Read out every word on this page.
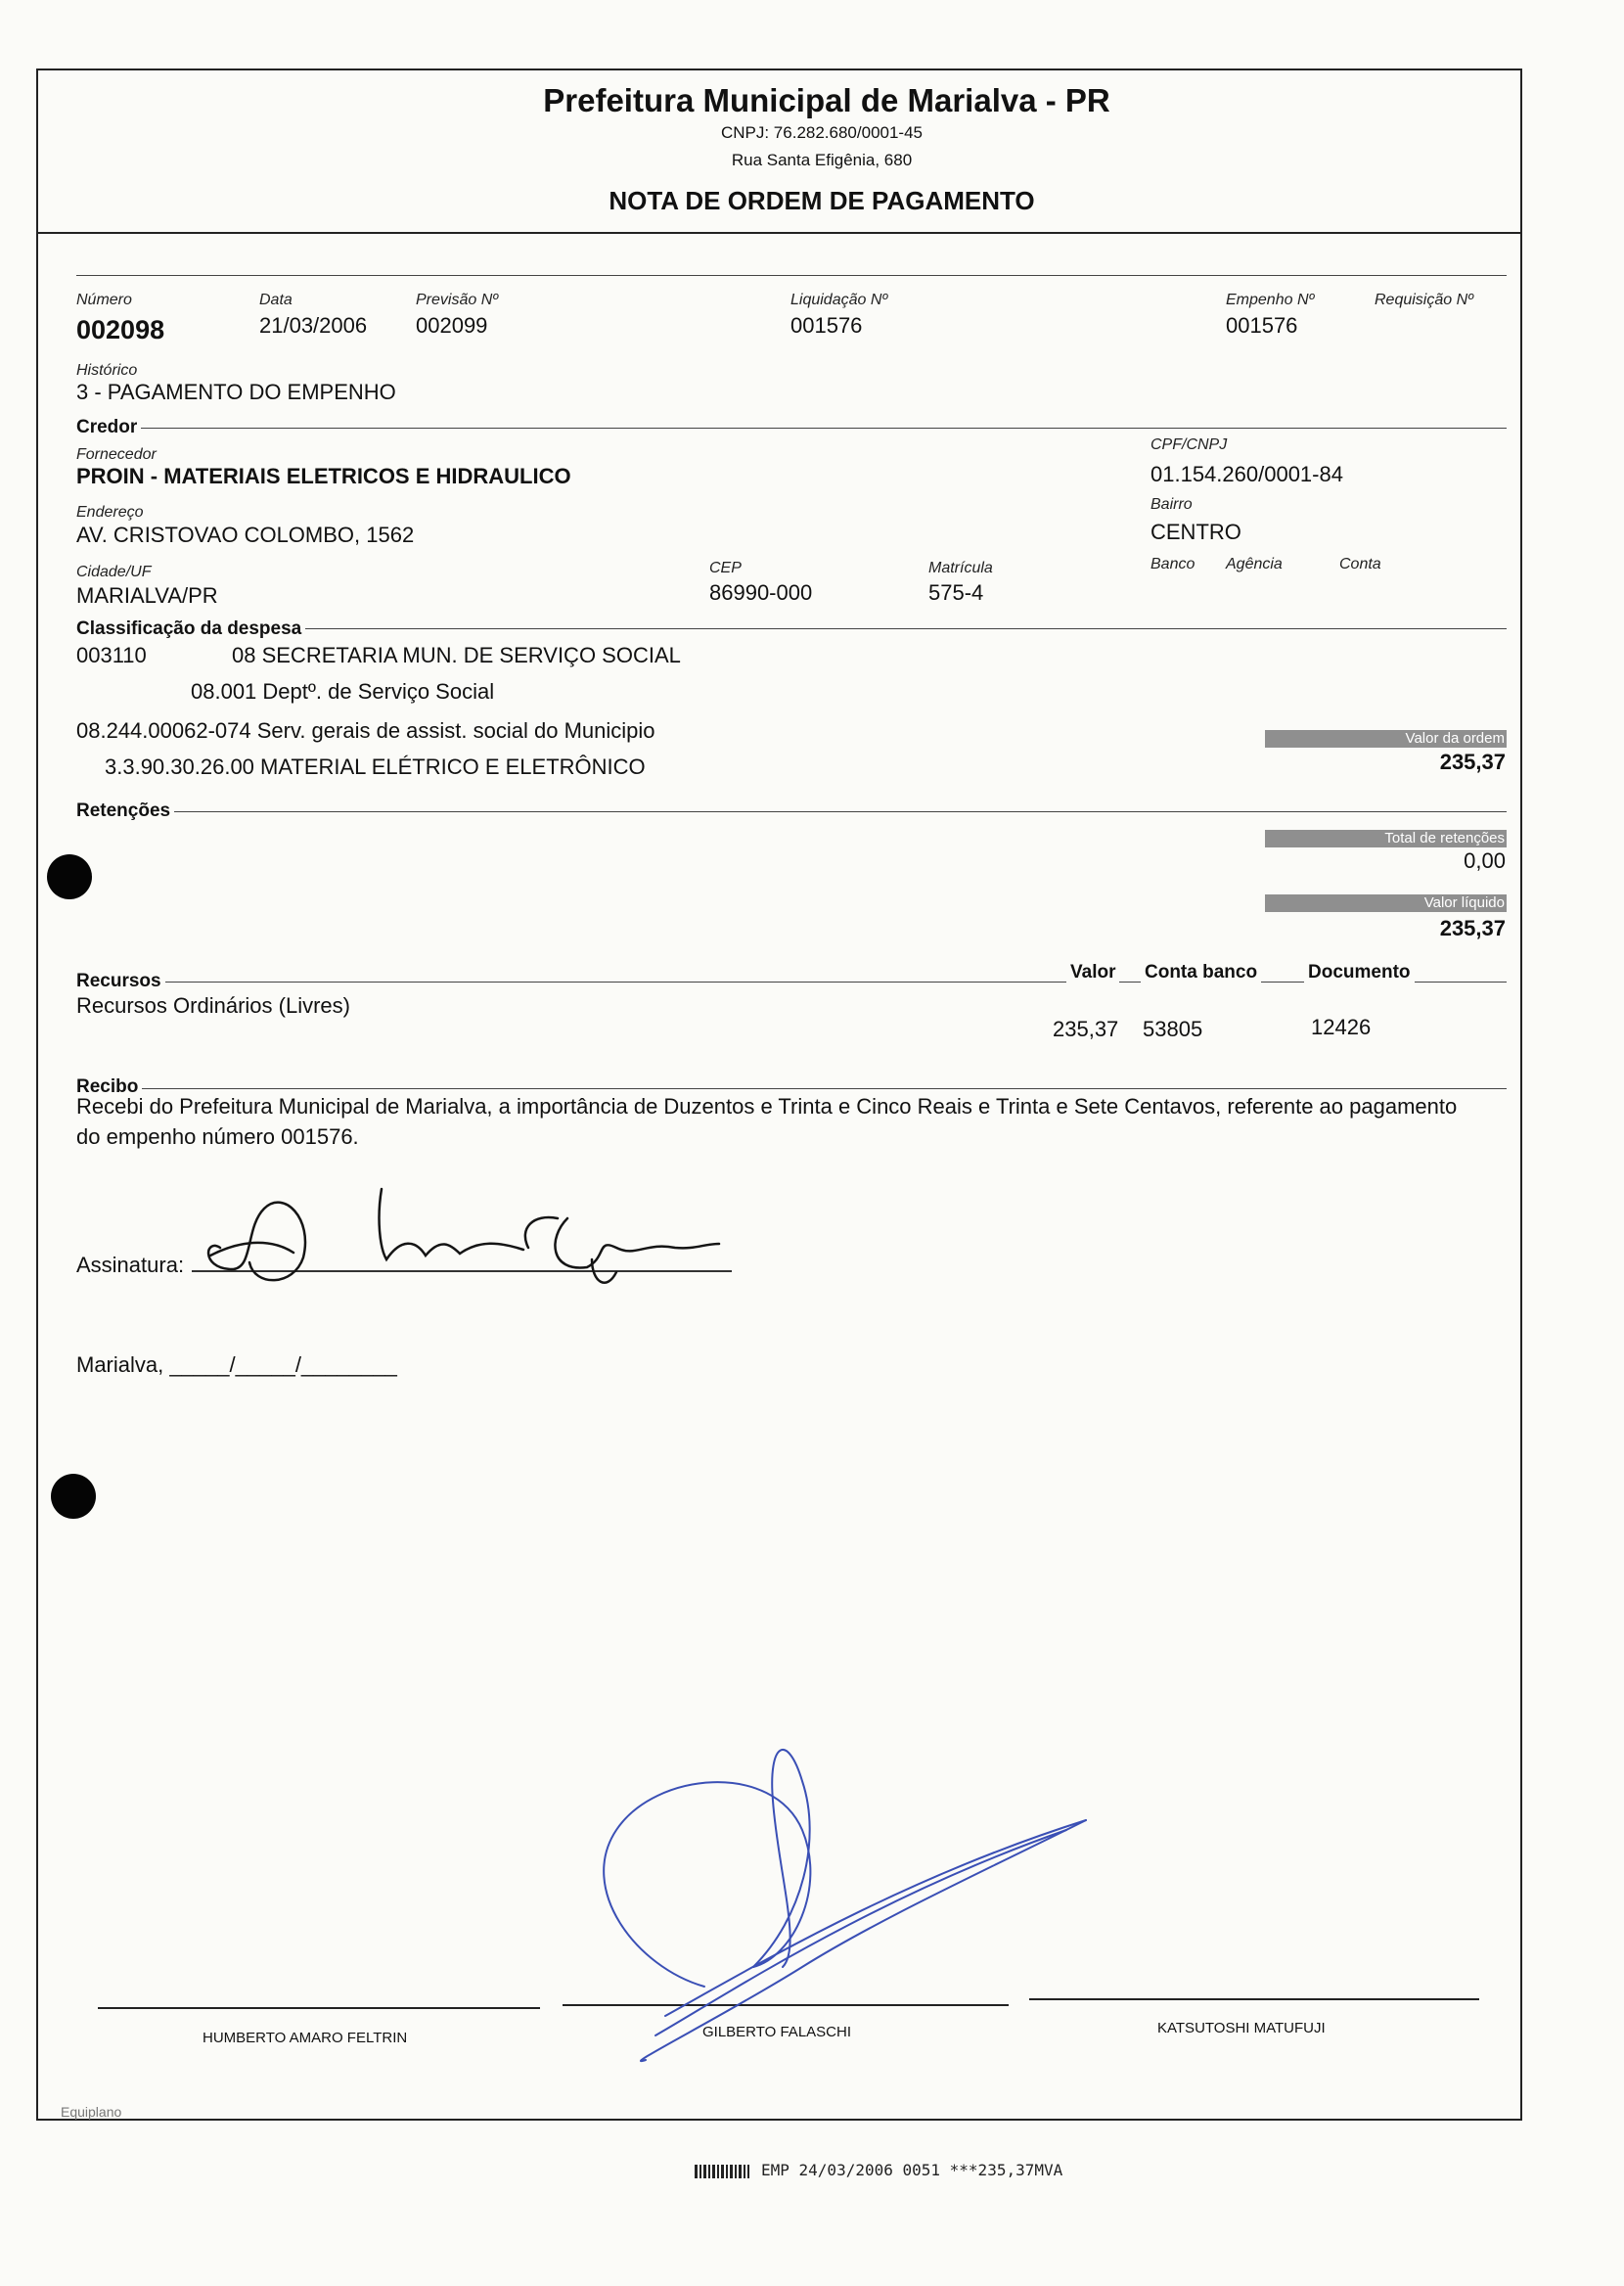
Prefeitura Municipal de Marialva - PR
CNPJ: 76.282.680/0001-45
Rua Santa Efigênia, 680
NOTA DE ORDEM DE PAGAMENTO
Número
002098
Data
21/03/2006
Previsão Nº
002099
Liquidação Nº
001576
Empenho Nº
001576
Requisição Nº
Histórico
3 - PAGAMENTO DO EMPENHO
Credor
Fornecedor
PROIN - MATERIAIS ELETRICOS E HIDRAULICO
CPF/CNPJ
01.154.260/0001-84
Endereço
AV. CRISTOVAO COLOMBO, 1562
Bairro
CENTRO
Cidade/UF
MARIALVA/PR
CEP
86990-000
Matrícula
575-4
Banco Agência	Conta
Classificação da despesa
003110	08 SECRETARIA MUN. DE SERVIÇO SOCIAL
08.001 Deptº. de Serviço Social
08.244.00062-074 Serv. gerais de assist. social do Municipio
3.3.90.30.26.00 MATERIAL ELÉTRICO E ELETRÔNICO
Valor da ordem
235,37
Retenções
Total de retenções
0,00
Valor líquido
235,37
Recursos	Valor Conta banco	Documento
Recursos Ordinários (Livres)
235,37 53805	12426
Recibo
Recebi do Prefeitura Municipal de Marialva, a importância de Duzentos e Trinta e Cinco Reais e Trinta e Sete Centavos, referente ao pagamento
do empenho número 001576.
Assinatura:
Marialva, _____/_____/________
HUMBERTO AMARO FELTRIN	GILBERTO FALASCHI	KATSUTOSHI MATUFUJI
Equiplano
EMP 24/03/2006 0051 ***235,37MVA
